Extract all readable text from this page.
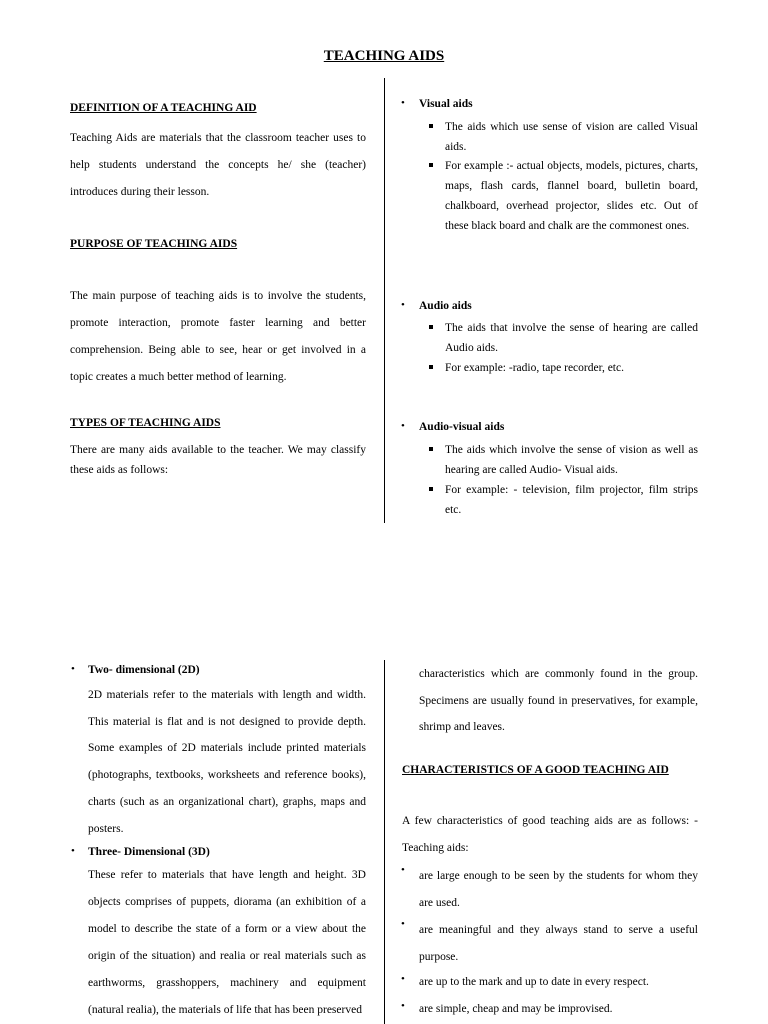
TEACHING AIDS
DEFINITION OF A TEACHING AID
Teaching Aids are materials that the classroom teacher uses to help students understand the concepts he/ she (teacher) introduces during their lesson.
PURPOSE OF TEACHING AIDS
The main purpose of teaching aids is to involve the students, promote interaction, promote faster learning and better comprehension. Being able to see, hear or get involved in a topic creates a much better method of learning.
TYPES OF TEACHING AIDS
There are many aids available to the teacher. We may classify these aids as follows:
• Visual aids
The aids which use sense of vision are called Visual aids.
For example :- actual objects, models, pictures, charts, maps, flash cards, flannel board, bulletin board, chalkboard, overhead projector, slides etc. Out of these black board and chalk are the commonest ones.
• Audio aids
The aids that involve the sense of hearing are called Audio aids.
For example: -radio, tape recorder, etc.
• Audio-visual aids
The aids which involve the sense of vision as well as hearing are called Audio- Visual aids.
For example: - television, film projector, film strips etc.
• Two- dimensional (2D)
2D materials refer to the materials with length and width. This material is flat and is not designed to provide depth. Some examples of 2D materials include printed materials (photographs, textbooks, worksheets and reference books), charts (such as an organizational chart), graphs, maps and posters.
• Three- Dimensional (3D)
These refer to materials that have length and height. 3D objects comprises of puppets, diorama (an exhibition of a model to describe the state of a form or a view about the origin of the situation) and realia or real materials such as earthworms, grasshoppers, machinery and equipment (natural realia), the materials of life that has been preserved
characteristics which are commonly found in the group. Specimens are usually found in preservatives, for example, shrimp and leaves.
CHARACTERISTICS OF A GOOD TEACHING AID
A few characteristics of good teaching aids are as follows: - Teaching aids:
• are large enough to be seen by the students for whom they are used.
• are meaningful and they always stand to serve a useful purpose.
• are up to the mark and up to date in every respect.
• are simple, cheap and may be improvised.
